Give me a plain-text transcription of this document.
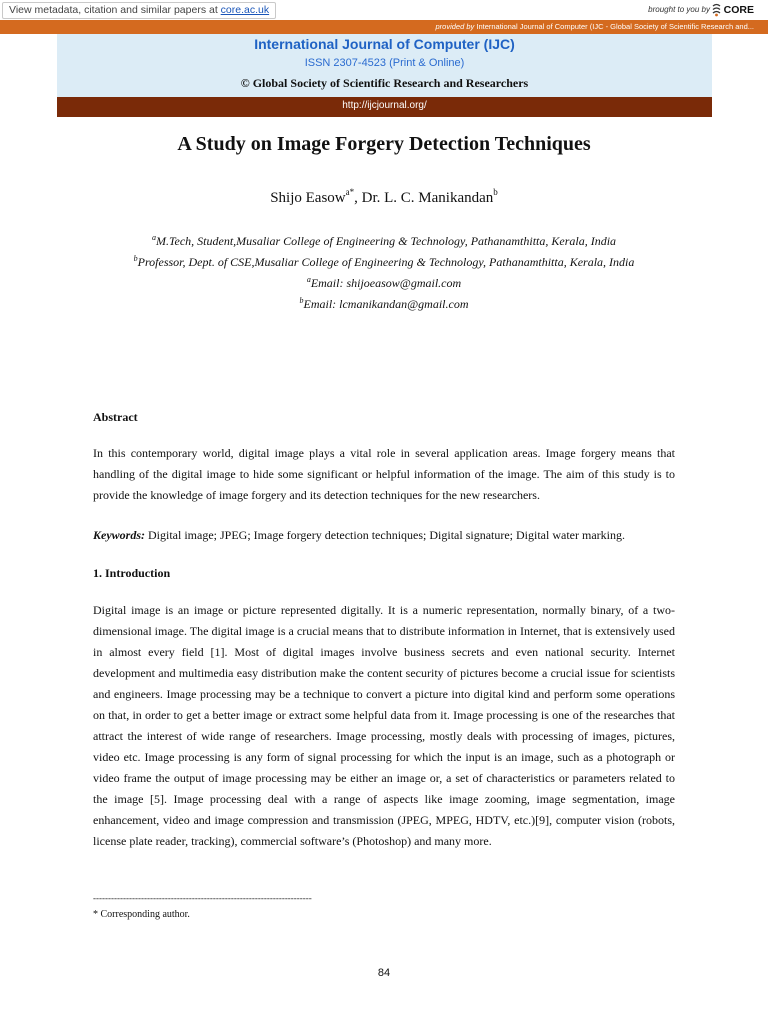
View metadata, citation and similar papers at core.ac.uk	brought to you by CORE
provided by International Journal of Computer (IJC - Global Society of Scientific Research and...
International Journal of Computer (IJC)
ISSN 2307-4523 (Print & Online)
© Global Society of Scientific Research and Researchers
http://ijcjournal.org/
A Study on Image Forgery Detection Techniques
Shijo Easow$^{a*}$, Dr. L. C. Manikandan$^b$
$^a$M.Tech, Student,Musaliar College of Engineering & Technology, Pathanamthitta, Kerala, India
$^b$Professor, Dept. of CSE,Musaliar College of Engineering & Technology, Pathanamthitta, Kerala, India
$^a$Email: shijoeasow@gmail.com
$^b$Email: lcmanikandan@gmail.com
Abstract
In this contemporary world, digital image plays a vital role in several application areas. Image forgery means that handling of the digital image to hide some significant or helpful information of the image. The aim of this study is to provide the knowledge of image forgery and its detection techniques for the new researchers.
Keywords: Digital image; JPEG; Image forgery detection techniques; Digital signature; Digital water marking.
1. Introduction
Digital image is an image or picture represented digitally. It is a numeric representation, normally binary, of a two-dimensional image. The digital image is a crucial means that to distribute information in Internet, that is extensively used in almost every field [1]. Most of digital images involve business secrets and even national security. Internet development and multimedia easy distribution make the content security of pictures become a crucial issue for scientists and engineers. Image processing may be a technique to convert a picture into digital kind and perform some operations on that, in order to get a better image or extract some helpful data from it. Image processing is one of the researches that attract the interest of wide range of researchers. Image processing, mostly deals with processing of images, pictures, video etc. Image processing is any form of signal processing for which the input is an image, such as a photograph or video frame the output of image processing may be either an image or, a set of characteristics or parameters related to the image [5]. Image processing deal with a range of aspects like image zooming, image segmentation, image enhancement, video and image compression and transmission (JPEG, MPEG, HDTV, etc.)[9], computer vision (robots, license plate reader, tracking), commercial software’s (Photoshop) and many more.
-------------------------------------------------------------------------
* Corresponding author.
84
